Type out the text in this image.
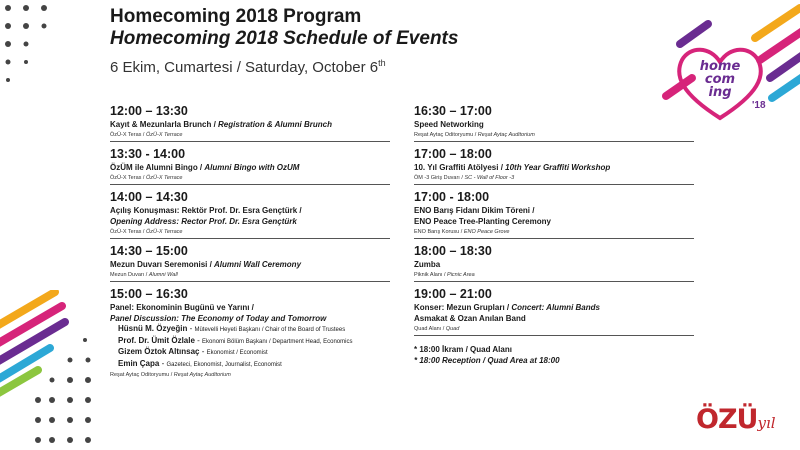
Homecoming 2018 Program
Homecoming 2018 Schedule of Events
6 Ekim, Cumartesi / Saturday, October 6th	home
com
ing
'18
12:00 – 13:30
Kayıt & Mezunlarla Brunch / Registration & Alumni Brunch
ÖzÜ-X Teras / ÖzÜ-X Terrace
13:30 - 14:00
ÖzÜM ile Alumni Bingo / Alumni Bingo with OzUM
ÖzÜ-X Teras / ÖzÜ-X Terrace
14:00 – 14:30
Açılış Konuşması: Rektör Prof. Dr. Esra Gençtürk /
Opening Address: Rector Prof. Dr. Esra Gençtürk
ÖzÜ-X Teras / ÖzÜ-X Terrace
14:30 – 15:00
Mezun Duvarı Seremonisi / Alumni Wall Ceremony
Mezun Duvarı / Alumni Wall
15:00 – 16:30
Panel: Ekonominin Bugünü ve Yarını /
Panel Discussion: The Economy of Today and Tomorrow
Hüsnü M. Özyeğin - Mütevelli Heyeti Başkanı / Chair of the Board of Trustees
Prof. Dr. Ümit Özlale - Ekonomi Bölüm Başkanı / Department Head, Economics
Gizem Öztok Altınsaç - Ekonomist / Economist
Emin Çapa - Gazeteci, Ekonomist, Journalist, Economist
Reşat Aytaç Oditoryumu / Reşat Aytaç Auditorium
16:30 – 17:00
Speed Networking
Reşat Aytaç Oditoryumu / Reşat Aytaç Auditorium
17:00 – 18:00
10. Yıl Graffiti Atölyesi / 10th Year Graffiti Workshop
ÖM -3 Giriş Duvarı / SC - Wall of Floor -3
17:00 - 18:00
ENO Barış Fidanı Dikim Töreni /
ENO Peace Tree-Planting Ceremony
ENO Barış Korusu / ENO Peace Grove
18:00 – 18:30
Zumba
Piknik Alanı / Picnic Area
19:00 – 21:00
Konser: Mezun Grupları / Concert: Alumni Bands
Asmakat & Ozan Anılan Band
Quad Alanı / Quad
* 18:00 İkram / Quad Alanı
* 18:00 Reception / Quad Area at 18:00
ÖZÜyıl
